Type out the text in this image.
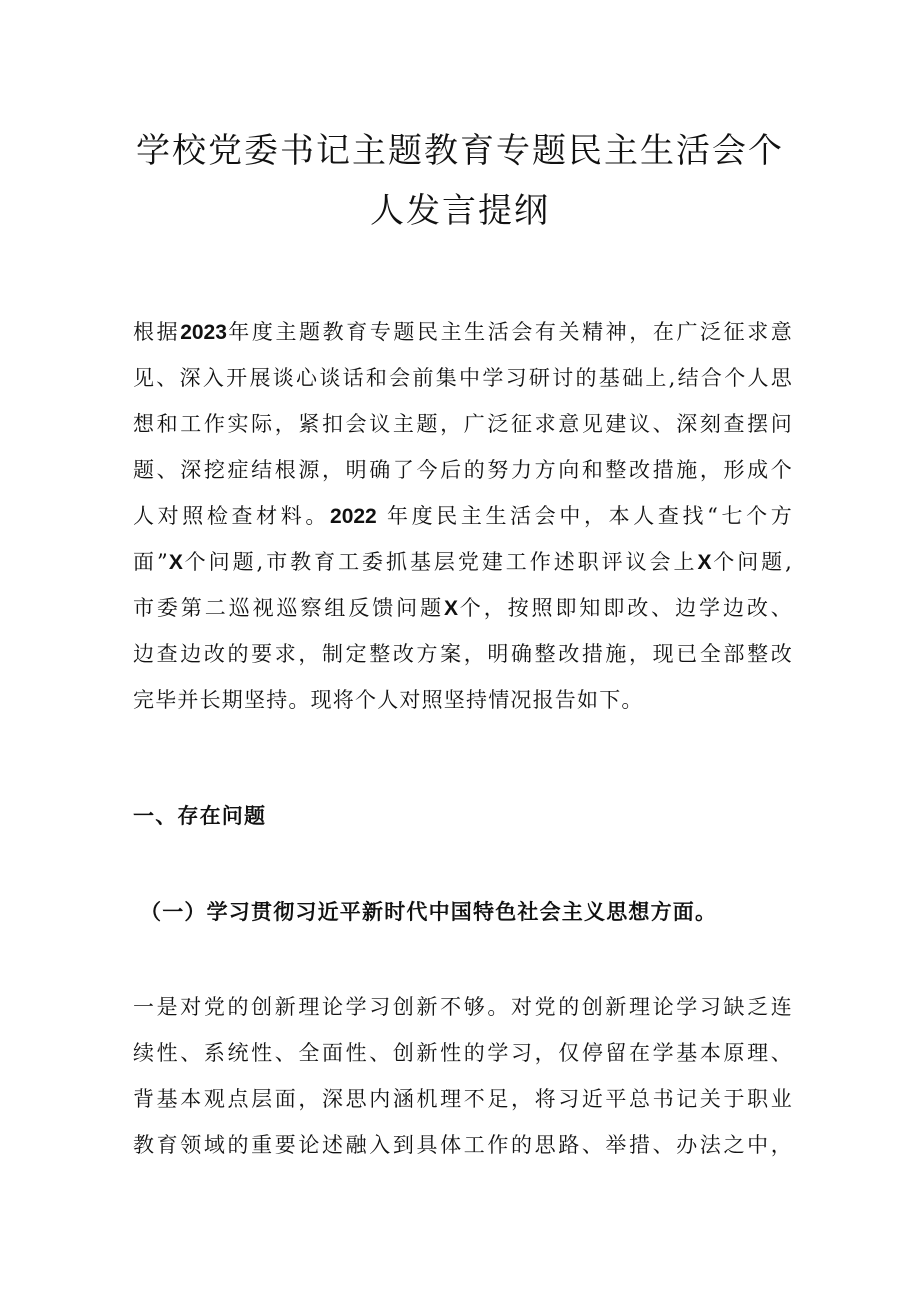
学校党委书记主题教育专题民主生活会个
人发言提纲
根据2023年度主题教育专题民主生活会有关精神，在广泛征求意
见、深入开展谈心谈话和会前集中学习研讨的基础上,结合个人思
想和工作实际，紧扣会议主题，广泛征求意见建议、深刻查摆问
题、深挖症结根源，明确了今后的努力方向和整改措施，形成个
人对照检查材料。2022 年度民主生活会中，本人查找“七个方
面”X个问题,市教育工委抓基层党建工作述职评议会上X个问题,
市委第二巡视巡察组反馈问题X个，按照即知即改、边学边改、
边查边改的要求，制定整改方案，明确整改措施，现已全部整改
完毕并长期坚持。现将个人对照坚持情况报告如下。
一、存在问题
（一）学习贯彻习近平新时代中国特色社会主义思想方面。
一是对党的创新理论学习创新不够。对党的创新理论学习缺乏连
续性、系统性、全面性、创新性的学习，仅停留在学基本原理、
背基本观点层面，深思内涵机理不足，将习近平总书记关于职业
教育领域的重要论述融入到具体工作的思路、举措、办法之中，
